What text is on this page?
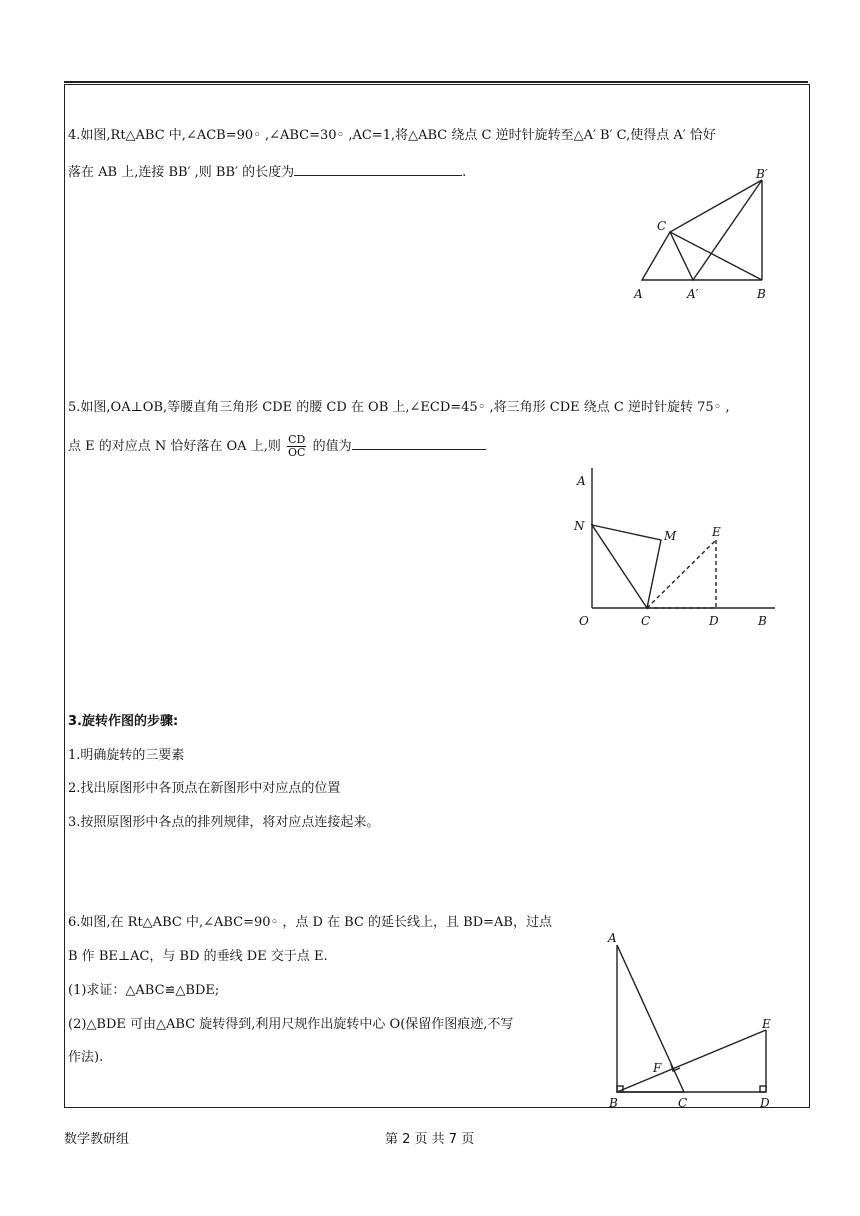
4.如图,Rt△ABC 中,∠ACB=90◦ ,∠ABC=30◦ ,AC=1,将△ABC 绕点 C 逆时针旋转至△A′ B′ C,使得点 A′ 恰好
落在 AB 上,连接 BB′ ,则 BB′ 的长度为	.
C
A	A′	B
B′
5.如图,OA⊥OB,等腰直角三角形 CDE 的腰 CD 在 OB 上,∠ECD=45◦ ,将三角形 CDE 绕点 C 逆时针旋转 75◦ ,
点 E 的对应点 N 恰好落在 OA 上,则 $\frac{CD}{OC}$ 的值为
A
N
M	E
O	C	D	B
3.旋转作图的步骤:
1.明确旋转的三要素
2.找出原图形中各顶点在新图形中对应点的位置
3.按照原图形中各点的排列规律，将对应点连接起来。
6.如图,在 Rt△ABC 中,∠ABC=90◦ ，点 D 在 BC 的延长线上，且 BD=AB，过点
B 作 BE⊥AC，与 BD 的垂线 DE 交于点 E.
(1)求证：△ABC≌△BDE;
(2)△BDE 可由△ABC 旋转得到,利用尺规作出旋转中心 O(保留作图痕迹,不写
作法).
A
E
F
B	C	D
数学教研组	第 2 页 共 7 页
